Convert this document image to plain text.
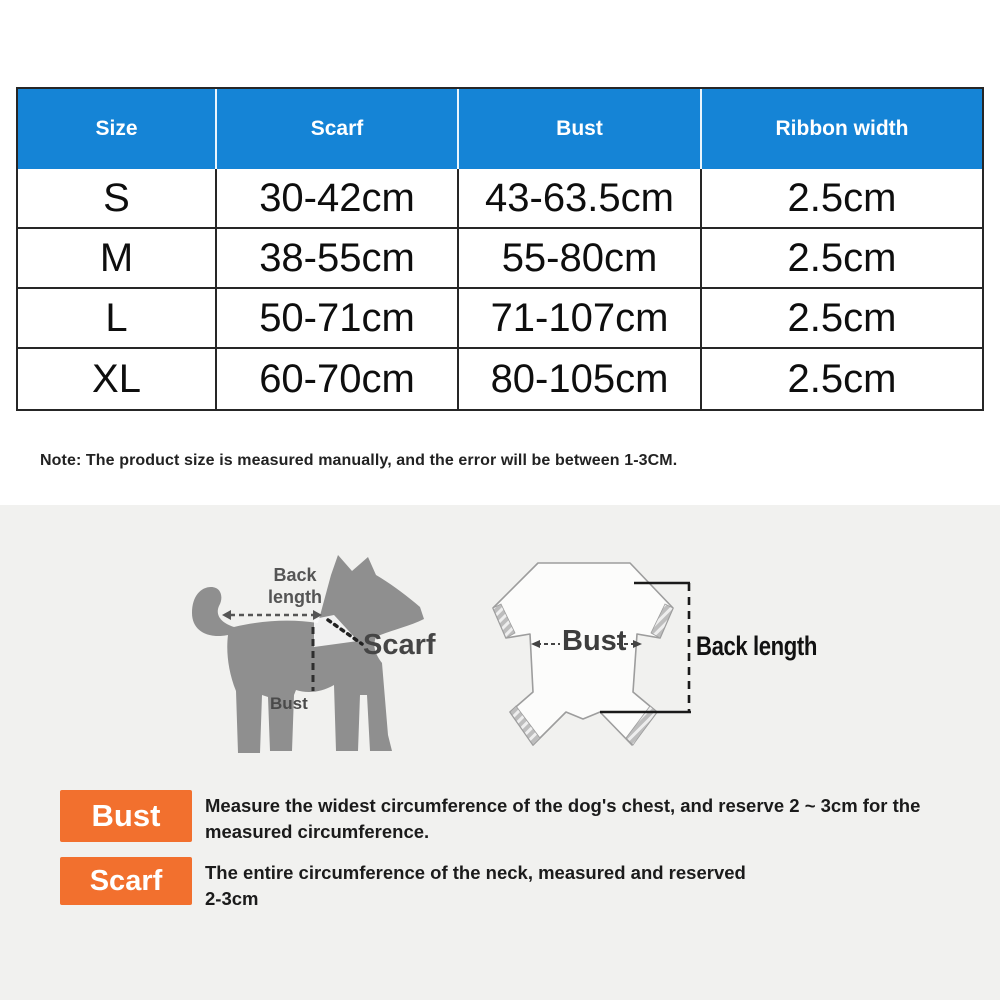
Size	Scarf	Bust	Ribbon width
S	30-42cm	43-63.5cm	2.5cm
M	38-55cm	55-80cm	2.5cm
L	50-71cm	71-107cm	2.5cm
XL	60-70cm	80-105cm	2.5cm
Note: The product size is measured manually, and the error will be between 1-3CM.
Back length
Scarf
Bust
Bust	Back length
Bust	Measure the widest circumference of the dog's chest, and reserve 2 ~ 3cm for the measured circumference.

Scarf	The entire circumference of the neck, measured and reserved 2-3cm
